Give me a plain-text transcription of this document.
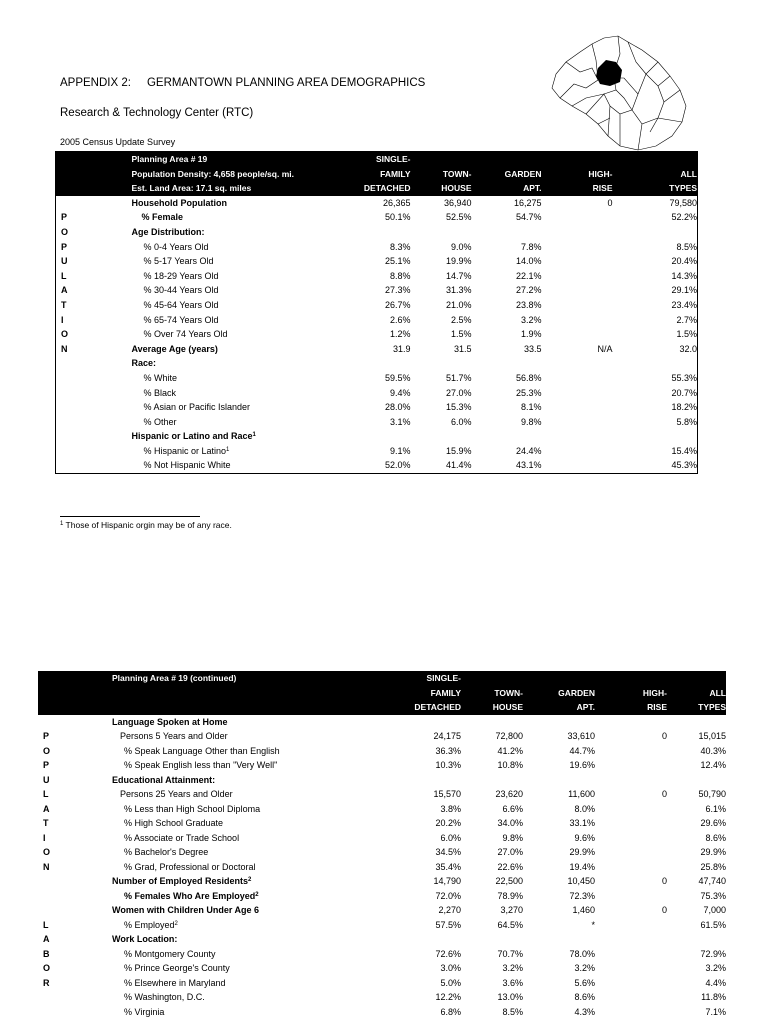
APPENDIX 2: GERMANTOWN PLANNING AREA DEMOGRAPHICS
Research & Technology Center (RTC)
2005 Census Update Survey
	Planning Area # 19	SINGLE-				
	Population Density: 4,658 people/sq. mi.	FAMILY	TOWN-	GARDEN	HIGH-	ALL
	Est. Land Area: 17.1 sq. miles	DETACHED	HOUSE	APT.	RISE	TYPES
	Household Population	26,365	36,940	16,275	0	79,580
P	% Female	50.1%	52.5%	54.7%		52.2%
O	Age Distribution:					
P	% 0-4 Years Old	8.3%	9.0%	7.8%		8.5%
U	% 5-17 Years Old	25.1%	19.9%	14.0%		20.4%
L	% 18-29 Years Old	8.8%	14.7%	22.1%		14.3%
A	% 30-44 Years Old	27.3%	31.3%	27.2%		29.1%
T	% 45-64 Years Old	26.7%	21.0%	23.8%		23.4%
I	% 65-74 Years Old	2.6%	2.5%	3.2%		2.7%
O	% Over 74 Years Old	1.2%	1.5%	1.9%		1.5%
N	Average Age (years)	31.9	31.5	33.5	N/A	32.0
	Race:					
	% White	59.5%	51.7%	56.8%		55.3%
	% Black	9.4%	27.0%	25.3%		20.7%
	% Asian or Pacific Islander	28.0%	15.3%	8.1%		18.2%
	% Other	3.1%	6.0%	9.8%		5.8%
	Hispanic or Latino and Race$^1$					
	% Hispanic or Latino$^1$	9.1%	15.9%	24.4%		15.4%
	% Not Hispanic White	52.0%	41.4%	43.1%		45.3%
$^1$ Those of Hispanic orgin may be of any race.
	Planning Area # 19 (continued)	SINGLE-				
		FAMILY	TOWN-	GARDEN	HIGH-	ALL
		DETACHED	HOUSE	APT.	RISE	TYPES
	Language Spoken at Home					
P	Persons 5 Years and Older	24,175	72,800	33,610	0	15,015
O	% Speak Language Other than English	36.3%	41.2%	44.7%		40.3%
P	% Speak English less than "Very Well"	10.3%	10.8%	19.6%		12.4%
U	Educational Attainment:					
L	Persons 25 Years and Older	15,570	23,620	11,600	0	50,790
A	% Less than High School Diploma	3.8%	6.6%	8.0%		6.1%
T	% High School Graduate	20.2%	34.0%	33.1%		29.6%
I	% Associate or Trade School	6.0%	9.8%	9.6%		8.6%
O	% Bachelor's Degree	34.5%	27.0%	29.9%		29.9%
N	% Grad, Professional or Doctoral	35.4%	22.6%	19.4%		25.8%
	Number of Employed Residents$^2$	14,790	22,500	10,450	0	47,740
	% Females Who Are Employed$^2$	72.0%	78.9%	72.3%		75.3%
	Women with Children Under Age 6	2,270	3,270	1,460	0	7,000
L	% Employed$^2$	57.5%	64.5%	*		61.5%
A	Work Location:					
B	% Montgomery County	72.6%	70.7%	78.0%		72.9%
O	% Prince George's County	3.0%	3.2%	3.2%		3.2%
R	% Elsewhere in Maryland	5.0%	3.6%	5.6%		4.4%
	% Washington, D.C.	12.2%	13.0%	8.6%		11.8%
	% Virginia	6.8%	8.5%	4.3%		7.1%
